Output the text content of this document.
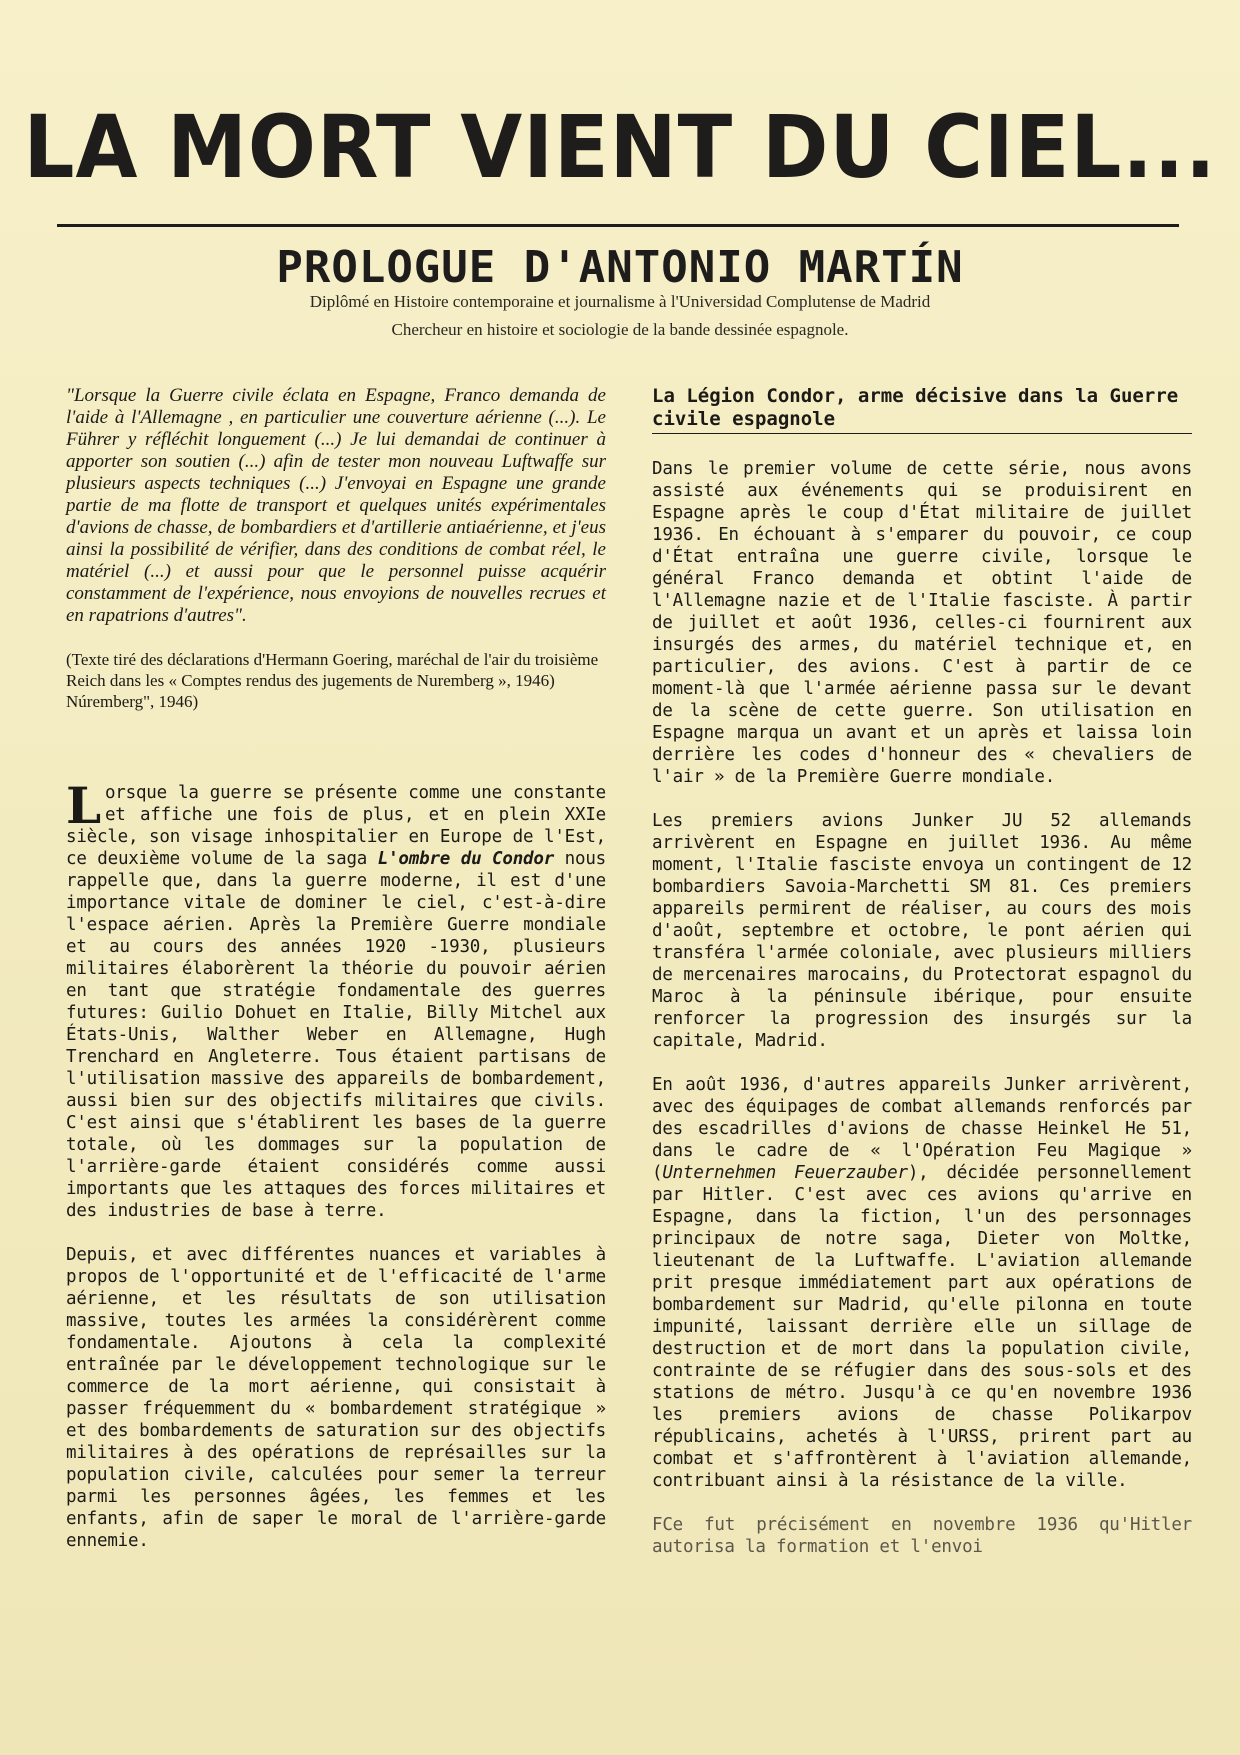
LA MORT VIENT DU CIEL...
PROLOGUE D'ANTONIO MARTÍN
Diplômé en Histoire contemporaine et journalisme à l'Universidad Complutense de Madrid
Chercheur en histoire et sociologie de la bande dessinée espagnole.

"Lorsque la Guerre civile éclata en Espagne, Franco demanda de l'aide à l'Allemagne , en particulier une couverture aérienne (...). Le Führer y réfléchit longuement (...) Je lui demandai de continuer à apporter son soutien (...) afin de tester mon nouveau Luftwaffe sur plusieurs aspects techniques (...) J'envoyai en Espagne une grande partie de ma flotte de transport et quelques unités expérimentales d'avions de chasse, de bombardiers et d'artillerie antiaérienne, et j'eus ainsi la possibilité de vérifier, dans des conditions de combat réel, le matériel (...) et aussi pour que le personnel puisse acquérir constamment de l'expérience, nous envoyions de nouvelles recrues et en rapatrions d'autres".

(Texte tiré des déclarations d'Hermann Goering, maréchal de l'air du troisième Reich dans les « Comptes rendus des jugements de Nuremberg », 1946) Núremberg", 1946)

Lorsque la guerre se présente comme une constante et affiche une fois de plus, et en plein XXIe siècle, son visage inhospitalier en Europe de l'Est, ce deuxième volume de la saga L'ombre du Condor nous rappelle que, dans la guerre moderne, il est d'une importance vitale de dominer le ciel, c'est-à-dire l'espace aérien. Après la Première Guerre mondiale et au cours des années 1920 -1930, plusieurs militaires élaborèrent la théorie du pouvoir aérien en tant que stratégie fondamentale des guerres futures: Guilio Dohuet en Italie, Billy Mitchel aux États-Unis, Walther Weber en Allemagne, Hugh Trenchard en Angleterre. Tous étaient partisans de l'utilisation massive des appareils de bombardement, aussi bien sur des objectifs militaires que civils. C'est ainsi que s'établirent les bases de la guerre totale, où les dommages sur la population de l'arrière-garde étaient considérés comme aussi importants que les attaques des forces militaires et des industries de base à terre.

Depuis, et avec différentes nuances et variables à propos de l'opportunité et de l'efficacité de l'arme aérienne, et les résultats de son utilisation massive, toutes les armées la considérèrent comme fondamentale. Ajoutons à cela la complexité entraînée par le développement technologique sur le commerce de la mort aérienne, qui consistait à passer fréquemment du « bombardement stratégique » et des bombardements de saturation sur des objectifs militaires à des opérations de représailles sur la population civile, calculées pour semer la terreur parmi les personnes âgées, les femmes et les enfants, afin de saper le moral de l'arrière-garde ennemie.

La Légion Condor, arme décisive dans la Guerre civile espagnole

Dans le premier volume de cette série, nous avons assisté aux événements qui se produisirent en Espagne après le coup d'État militaire de juillet 1936. En échouant à s'emparer du pouvoir, ce coup d'État entraîna une guerre civile, lorsque le général Franco demanda et obtint l'aide de l'Allemagne nazie et de l'Italie fasciste. À partir de juillet et août 1936, celles-ci fournirent aux insurgés des armes, du matériel technique et, en particulier, des avions. C'est à partir de ce moment-là que l'armée aérienne passa sur le devant de la scène de cette guerre. Son utilisation en Espagne marqua un avant et un après et laissa loin derrière les codes d'honneur des « chevaliers de l'air » de la Première Guerre mondiale.

Les premiers avions Junker JU 52 allemands arrivèrent en Espagne en juillet 1936. Au même moment, l'Italie fasciste envoya un contingent de 12 bombardiers Savoia-Marchetti SM 81. Ces premiers appareils permirent de réaliser, au cours des mois d'août, septembre et octobre, le pont aérien qui transféra l'armée coloniale, avec plusieurs milliers de mercenaires marocains, du Protectorat espagnol du Maroc à la péninsule ibérique, pour ensuite renforcer la progression des insurgés sur la capitale, Madrid.

En août 1936, d'autres appareils Junker arrivèrent, avec des équipages de combat allemands renforcés par des escadrilles d'avions de chasse Heinkel He 51, dans le cadre de « l'Opération Feu Magique » (Unternehmen Feuerzauber), décidée personnellement par Hitler. C'est avec ces avions qu'arrive en Espagne, dans la fiction, l'un des personnages principaux de notre saga, Dieter von Moltke, lieutenant de la Luftwaffe. L'aviation allemande prit presque immédiatement part aux opérations de bombardement sur Madrid, qu'elle pilonna en toute impunité, laissant derrière elle un sillage de destruction et de mort dans la population civile, contrainte de se réfugier dans des sous-sols et des stations de métro. Jusqu'à ce qu'en novembre 1936 les premiers avions de chasse Polikarpov républicains, achetés à l'URSS, prirent part au combat et s'affrontèrent à l'aviation allemande, contribuant ainsi à la résistance de la ville.

FCe fut précisément en novembre 1936 qu'Hitler autorisa la formation et l'envoi
